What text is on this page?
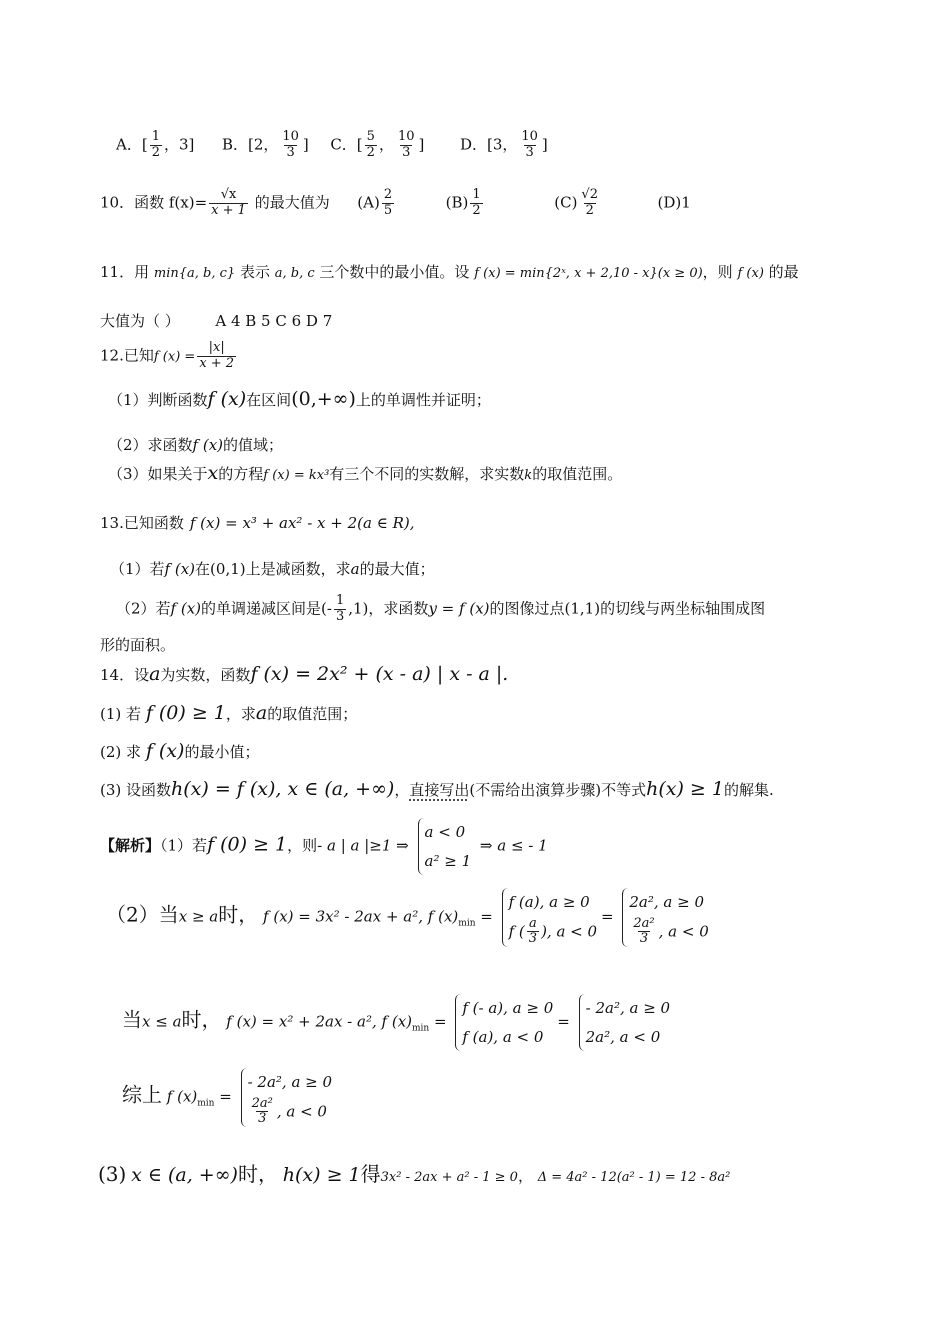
A．[ $\frac{1}{2}$ ，3] B．[2， $\frac{10}{3}$ ] C．[ $\frac{5}{2}$ ， $\frac{10}{3}$ ] D．[3， $\frac{10}{3}$ ]
10．函数 $f(x)= \frac{√x}{x + 1}$ 的最大值为 $(A) \frac{2}{5}$	$(B) \frac{1}{2}$	$(C) \frac{√2}{2}$	(D)1
11．用 min{a, b, c} 表示 a, b, c 三个数中的最小值。设 f (x) = min{2ˣ, x + 2,10 - x}(x ≥ 0)，则 f (x) 的最
大值为（ ） A 4 B 5 C 6 D 7
12.已知f $(x) = \frac{|x|}{x + 2}$
（1）判断函数f (x)在区间(0,+∞)上的单调性并证明；
（2）求函数f (x)的值域；
（3）如果关于x的方程f (x) = kx³有三个不同的实数解，求实数k的取值范围。
13.已知函数 f (x) = x³ + ax² - x + 2(a ∈ R),
（1）若f (x)在(0,1)上是减函数，求a的最大值；
（2）若f (x)的单调递减区间是(- $\frac{1}{3} ,1$)，求函数y = f (x)的图像过点(1,1)的切线与两坐标轴围成图
形的面积。
14．设a为实数，函数f (x) = 2x² + (x - a) | x - a |.
(1) 若 f (0) ≥ 1，求a的取值范围；
(2) 求 f (x)的最小值；
(3) 设函数h(x) = f (x), x ∈ (a, +∞)，直接写出(不需给出演算步骤)不等式h(x) ≥ 1的解集.
【解析】（1）若f (0) ≥ 1，则- a | a |≥1 ⇒
a < 0
a² ≥ 1
⇒ a ≤ - 1
（2）当x ≥ a时， f (x) = 3x² - 2ax + a², f $(x)_{min}$ =
f (a), a ≥ 0
f ( $\frac{a}{3}$ ), a < 0
=
2a², a ≥ 0
$\frac{\text{2a²}}{3}$ , a < 0
当x ≤ a时， f (x) = x² + 2ax - a², f $(x)_{min}$ =
f (- a), a ≥ 0
f (a), a < 0
=
- 2a², a ≥ 0
2a², a < 0
综上 f $(x)_{min}$ =
- 2a², a ≥ 0
$\frac{\text{2a²}}{3}$ , a < 0
(3) x ∈ (a, +∞)时， h(x) ≥ 1得3x² - 2ax + a² - 1 ≥ 0， Δ = 4a² - 12(a² - 1) = 12 - 8a²
